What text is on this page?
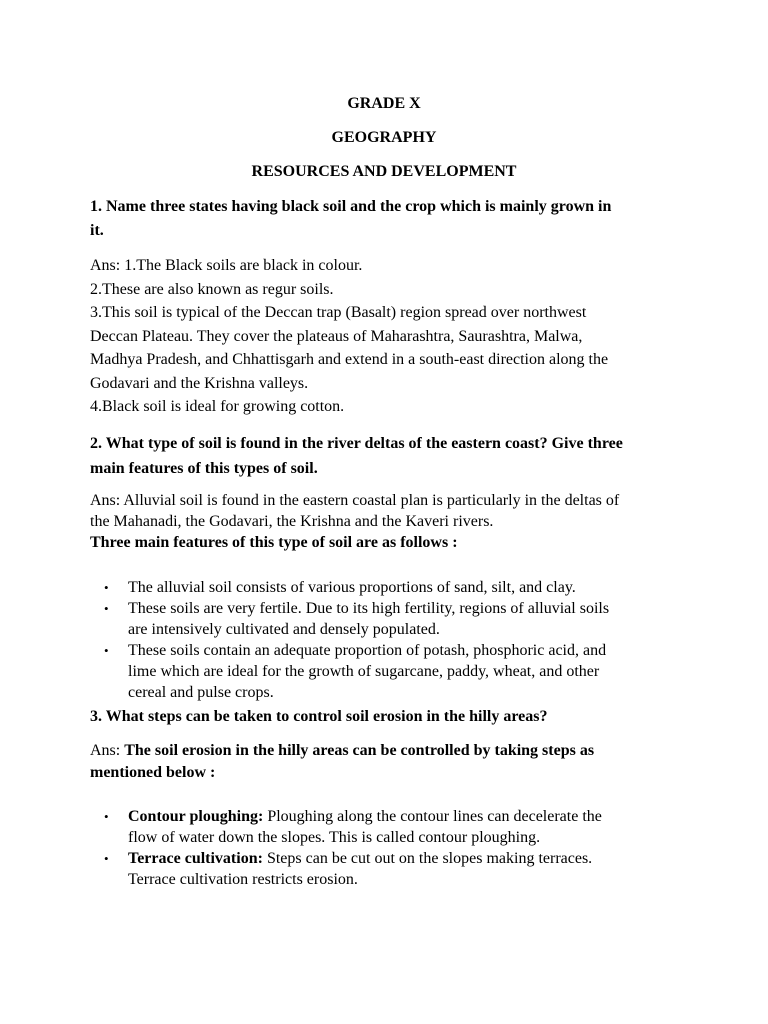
GRADE X
GEOGRAPHY
RESOURCES AND DEVELOPMENT
1. Name three states having black soil and the crop which is mainly grown in
it.
Ans: 1.The Black soils are black in colour.
2.These are also known as regur soils.
3.This soil is typical of the Deccan trap (Basalt) region spread over northwest
Deccan Plateau. They cover the plateaus of Maharashtra, Saurashtra, Malwa,
Madhya Pradesh, and Chhattisgarh and extend in a south-east direction along the
Godavari and the Krishna valleys.
4.Black soil is ideal for growing cotton.
2. What type of soil is found in the river deltas of the eastern coast? Give three
main features of this types of soil.
Ans: Alluvial soil is found in the eastern coastal plan is particularly in the deltas of
the Mahanadi, the Godavari, the Krishna and the Kaveri rivers.
Three main features of this type of soil are as follows :
• The alluvial soil consists of various proportions of sand, silt, and clay.
• These soils are very fertile. Due to its high fertility, regions of alluvial soils
are intensively cultivated and densely populated.
• These soils contain an adequate proportion of potash, phosphoric acid, and
lime which are ideal for the growth of sugarcane, paddy, wheat, and other
cereal and pulse crops.
3. What steps can be taken to control soil erosion in the hilly areas?
Ans: The soil erosion in the hilly areas can be controlled by taking steps as
mentioned below :
• Contour ploughing: Ploughing along the contour lines can decelerate the
flow of water down the slopes. This is called contour ploughing.
• Terrace cultivation: Steps can be cut out on the slopes making terraces.
Terrace cultivation restricts erosion.
